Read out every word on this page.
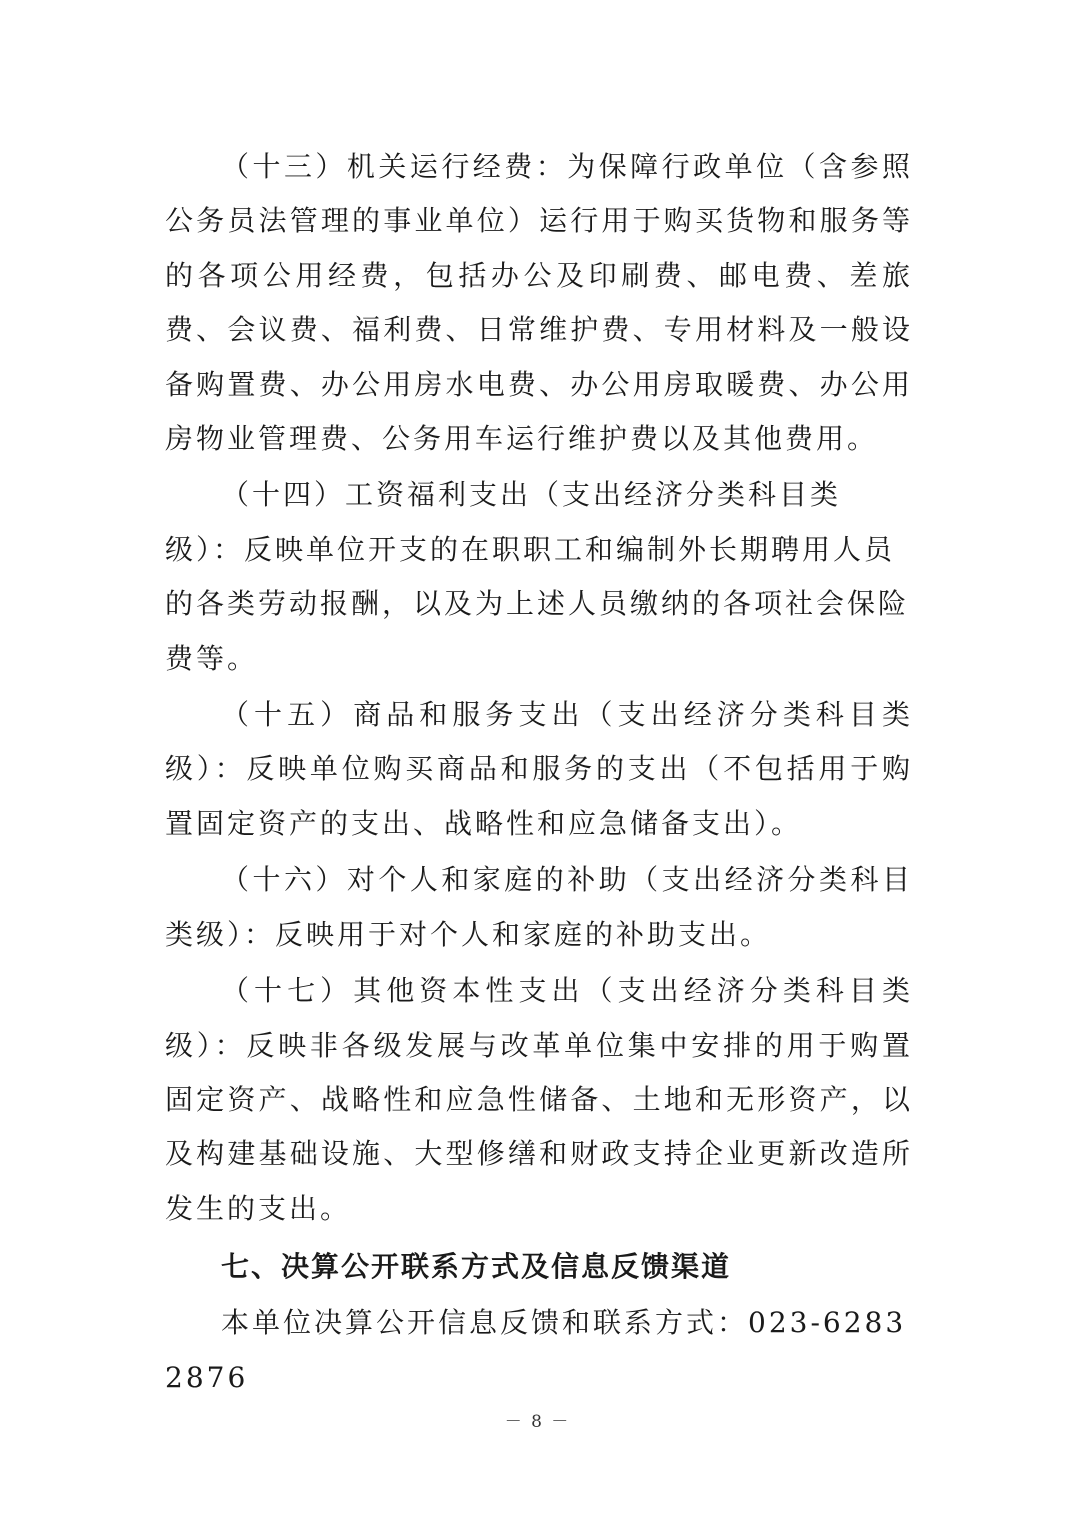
（十三）机关运行经费：为保障行政单位（含参照公务员法管理的事业单位）运行用于购买货物和服务等的各项公用经费，包括办公及印刷费、邮电费、差旅费、会议费、福利费、日常维护费、专用材料及一般设备购置费、办公用房水电费、办公用房取暖费、办公用房物业管理费、公务用车运行维护费以及其他费用。

（十四）工资福利支出（支出经济分类科目类级）：反映单位开支的在职职工和编制外长期聘用人员的各类劳动报酬，以及为上述人员缴纳的各项社会保险费等。

（十五）商品和服务支出（支出经济分类科目类级）：反映单位购买商品和服务的支出（不包括用于购置固定资产的支出、战略性和应急储备支出）。

（十六）对个人和家庭的补助（支出经济分类科目类级）：反映用于对个人和家庭的补助支出。

（十七）其他资本性支出（支出经济分类科目类级）：反映非各级发展与改革单位集中安排的用于购置固定资产、战略性和应急性储备、土地和无形资产，以及构建基础设施、大型修缮和财政支持企业更新改造所发生的支出。

七、决算公开联系方式及信息反馈渠道

本单位决算公开信息反馈和联系方式：023-62832876

－ 8 －
